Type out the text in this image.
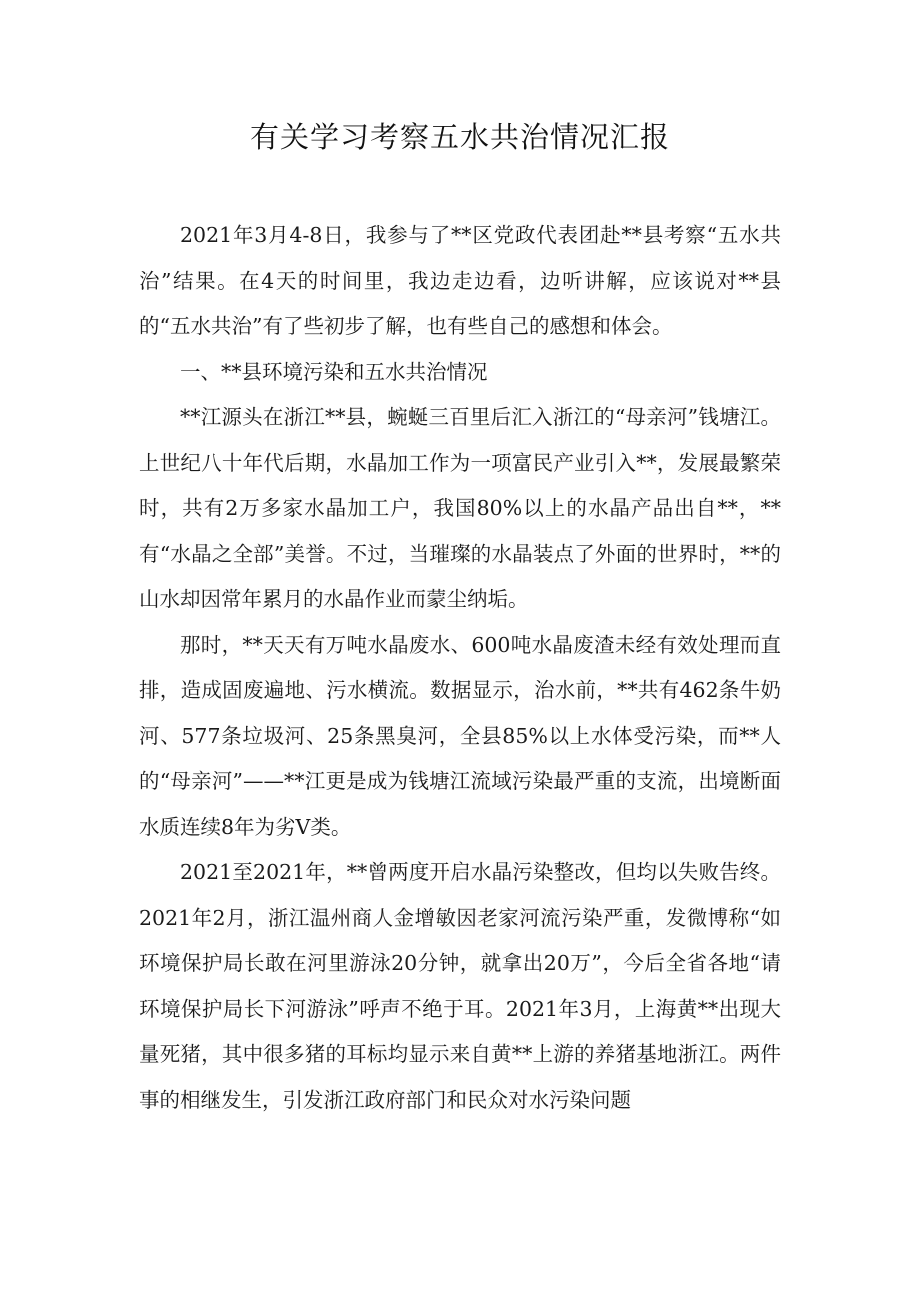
有关学习考察五水共治情况汇报

2021年3月4-8日，我参与了**区党政代表团赴**县考察“五水共治”结果。在4天的时间里，我边走边看，边听讲解，应该说对**县的“五水共治”有了些初步了解，也有些自己的感想和体会。

一、**县环境污染和五水共治情况

**江源头在浙江**县，蜿蜒三百里后汇入浙江的“母亲河”钱塘江。上世纪八十年代后期，水晶加工作为一项富民产业引入**，发展最繁荣时，共有2万多家水晶加工户，我国80%以上的水晶产品出自**，**有“水晶之全部”美誉。不过，当璀璨的水晶装点了外面的世界时，**的山水却因常年累月的水晶作业而蒙尘纳垢。

那时，**天天有万吨水晶废水、600吨水晶废渣未经有效处理而直排，造成固废遍地、污水横流。数据显示，治水前，**共有462条牛奶河、577条垃圾河、25条黑臭河，全县85%以上水体受污染，而**人的“母亲河”——**江更是成为钱塘江流域污染最严重的支流，出境断面水质连续8年为劣Ⅴ类。

2021至2021年，**曾两度开启水晶污染整改，但均以失败告终。2021年2月，浙江温州商人金增敏因老家河流污染严重，发微博称“如环境保护局长敢在河里游泳20分钟，就拿出20万”，今后全省各地“请环境保护局长下河游泳”呼声不绝于耳。2021年3月，上海黄**出现大量死猪，其中很多猪的耳标均显示来自黄**上游的养猪基地浙江。两件事的相继发生，引发浙江政府部门和民众对水污染问题
